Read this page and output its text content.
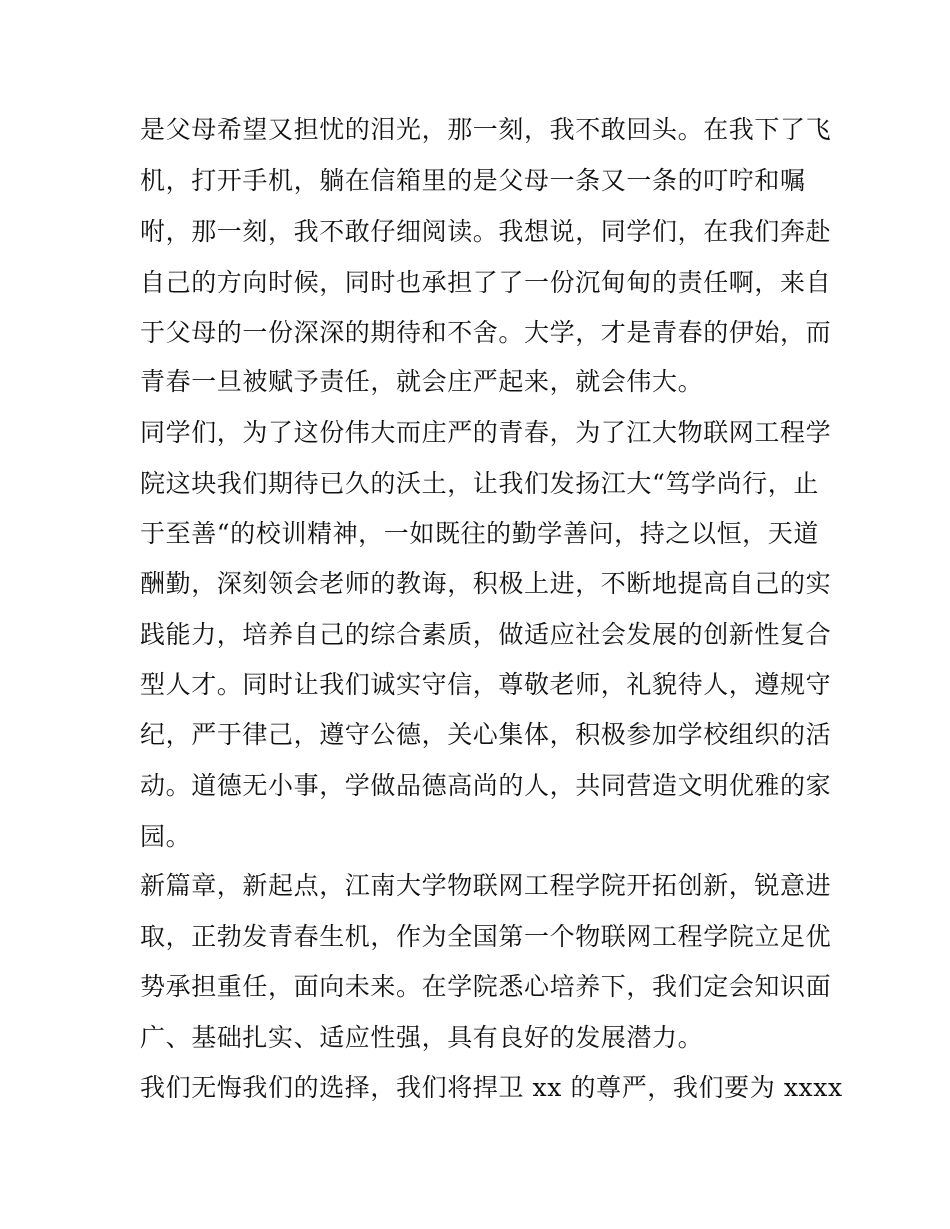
是父母希望又担忧的泪光，那一刻，我不敢回头。在我下了飞
机，打开手机，躺在信箱里的是父母一条又一条的叮咛和嘱
咐，那一刻，我不敢仔细阅读。我想说，同学们，在我们奔赴
自己的方向时候，同时也承担了了一份沉甸甸的责任啊，来自
于父母的一份深深的期待和不舍。大学，才是青春的伊始，而
青春一旦被赋予责任，就会庄严起来，就会伟大。
同学们，为了这份伟大而庄严的青春，为了江大物联网工程学
院这块我们期待已久的沃土，让我们发扬江大“笃学尚行，止
于至善“的校训精神，一如既往的勤学善问，持之以恒，天道
酬勤，深刻领会老师的教诲，积极上进，不断地提高自己的实
践能力，培养自己的综合素质，做适应社会发展的创新性复合
型人才。同时让我们诚实守信，尊敬老师，礼貌待人，遵规守
纪，严于律己，遵守公德，关心集体，积极参加学校组织的活
动。道德无小事，学做品德高尚的人，共同营造文明优雅的家
园。
新篇章，新起点，江南大学物联网工程学院开拓创新，锐意进
取，正勃发青春生机，作为全国第一个物联网工程学院立足优
势承担重任，面向未来。在学院悉心培养下，我们定会知识面
广、基础扎实、适应性强，具有良好的发展潜力。
我们无悔我们的选择，我们将捍卫 xx 的尊严，我们要为 xxxx
